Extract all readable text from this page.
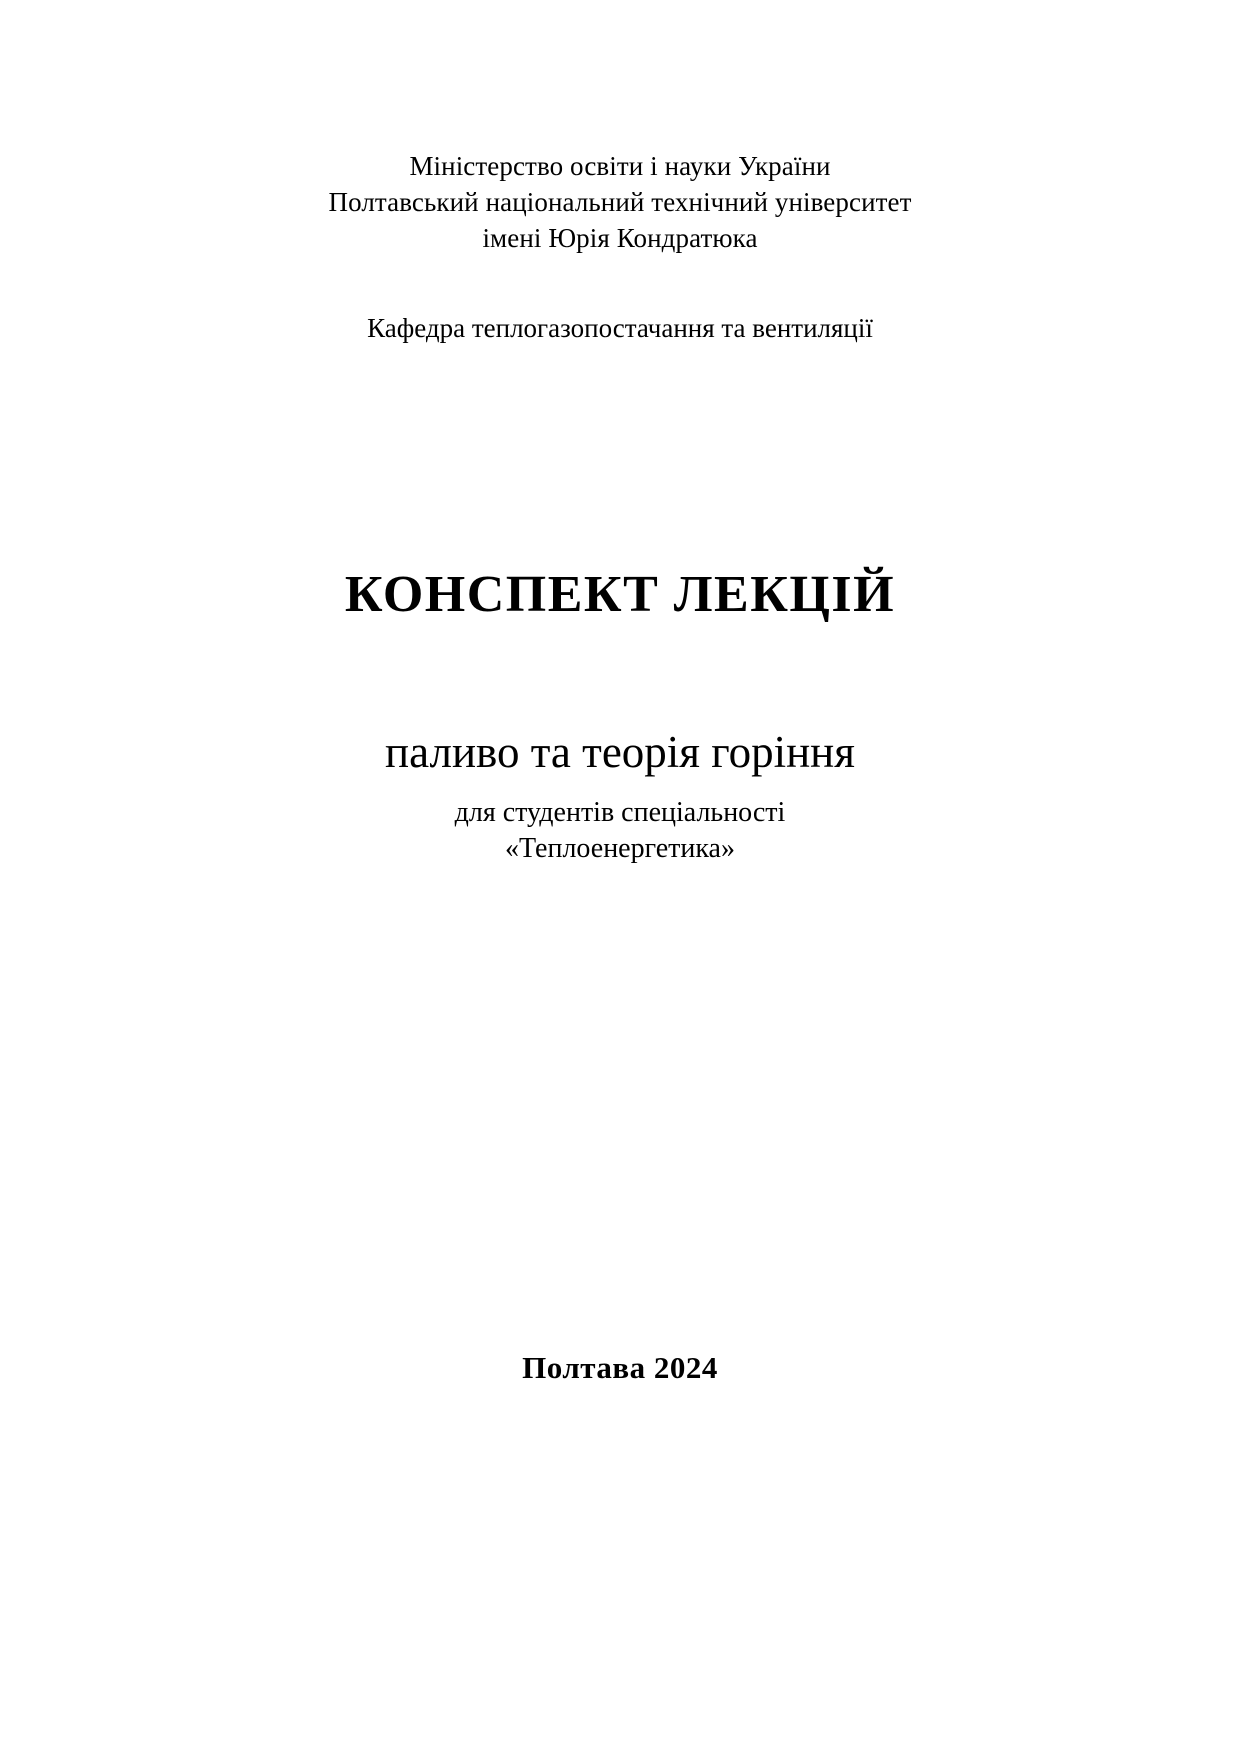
Міністерство освіти і науки України
Полтавський національний технічний університет
імені Юрія Кондратюка
Кафедра теплогазопостачання та вентиляції
КОНСПЕКТ ЛЕКЦІЙ
паливо та теорія горіння
для студентів спеціальності
«Теплоенергетика»
Полтава 2024
